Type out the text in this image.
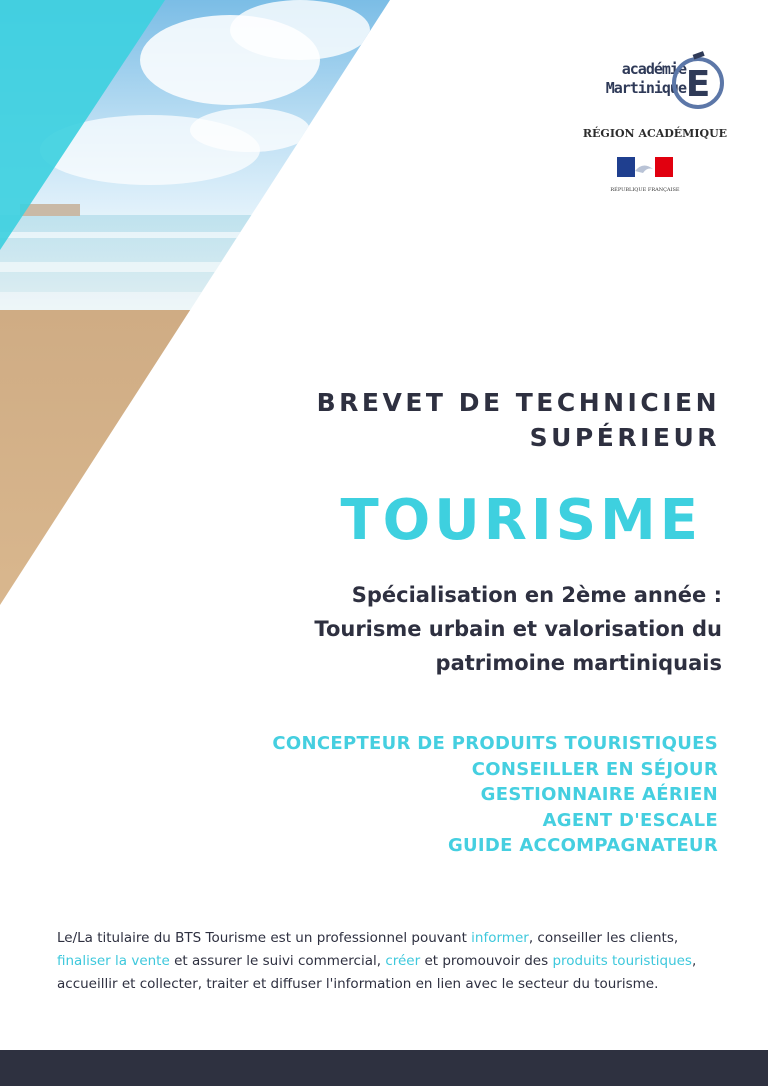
académie
Martinique E
RÉGION ACADÉMIQUE
RÉPUBLIQUE FRANÇAISE
BREVET DE TECHNICIEN
SUPÉRIEUR
TOURISME
Spécialisation en 2ème année :
Tourisme urbain et valorisation du
patrimoine martiniquais
CONCEPTEUR DE PRODUITS TOURISTIQUES
CONSEILLER EN SÉJOUR
GESTIONNAIRE AÉRIEN
AGENT D'ESCALE
GUIDE ACCOMPAGNATEUR

Le/La titulaire du BTS Tourisme est un professionnel pouvant informer, conseiller les clients, finaliser la vente et assurer le suivi commercial, créer et promouvoir des produits touristiques, accueillir et collecter, traiter et diffuser l'information en lien avec le secteur du tourisme.
